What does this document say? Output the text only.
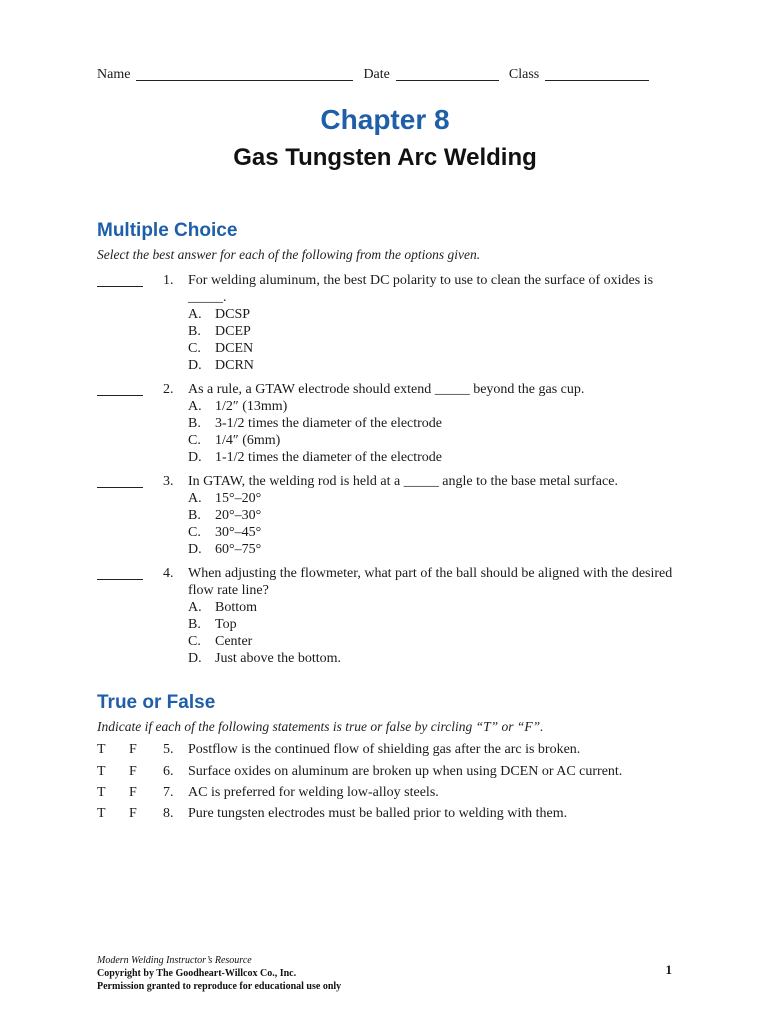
Name	Date	Class
Chapter 8
Gas Tungsten Arc Welding
Multiple Choice
Select the best answer for each of the following from the options given.
1. For welding aluminum, the best DC polarity to use to clean the surface of oxides is _____.
A. DCSP
B. DCEP
C. DCEN
D. DCRN
2. As a rule, a GTAW electrode should extend _____ beyond the gas cup.
A. 1/2″ (13mm)
B. 3-1/2 times the diameter of the electrode
C. 1/4″ (6mm)
D. 1-1/2 times the diameter of the electrode
3. In GTAW, the welding rod is held at a _____ angle to the base metal surface.
A. 15°–20°
B. 20°–30°
C. 30°–45°
D. 60°–75°
4. When adjusting the flowmeter, what part of the ball should be aligned with the desired flow rate line?
A. Bottom
B. Top
C. Center
D. Just above the bottom.
True or False
Indicate if each of the following statements is true or false by circling “T” or “F”.
T F 5. Postflow is the continued flow of shielding gas after the arc is broken.
T F 6. Surface oxides on aluminum are broken up when using DCEN or AC current.
T F 7. AC is preferred for welding low-alloy steels.
T F 8. Pure tungsten electrodes must be balled prior to welding with them.
Modern Welding Instructor’s Resource
Copyright by The Goodheart-Willcox Co., Inc.
Permission granted to reproduce for educational use only
1
